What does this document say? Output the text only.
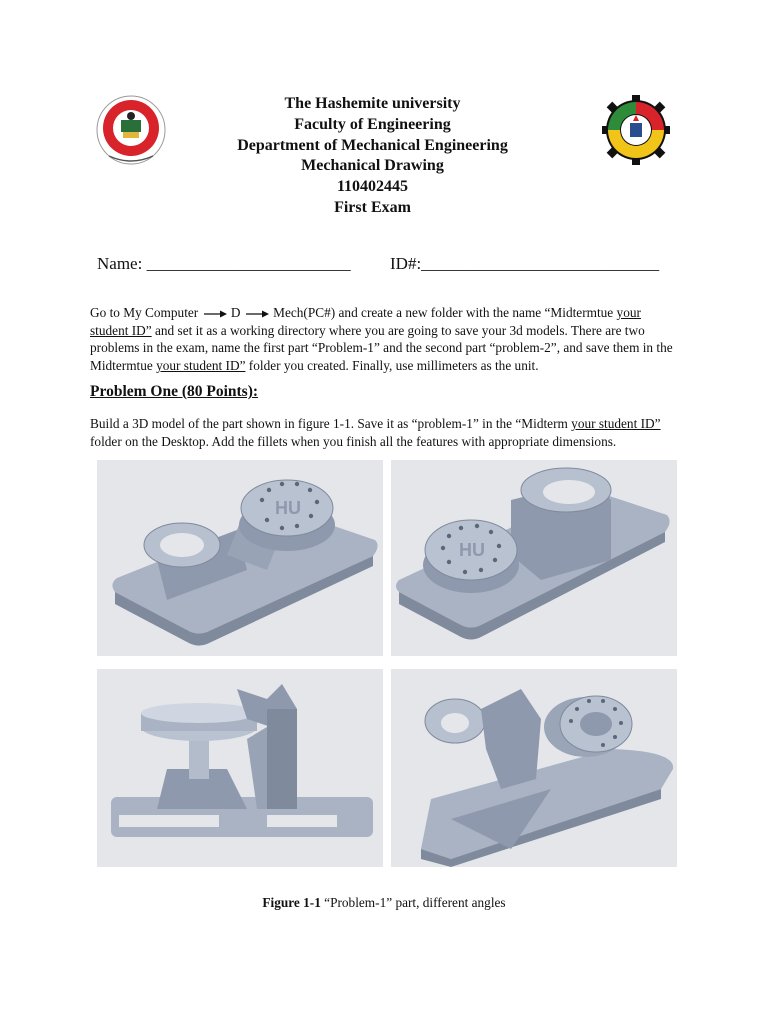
The Hashemite university
Faculty of Engineering
Department of Mechanical Engineering
Mechanical Drawing
110402445
First Exam
Name: ________________________ ID#:____________________________
Go to My Computer D Mech(PC#) and create a new folder with the name “Midtermtue your student ID” and set it as a working directory where you are going to save your 3d models. There are two problems in the exam, name the first part “Problem-1” and the second part “problem-2”, and save them in the Midtermtue your student ID” folder you created. Finally, use millimeters as the unit.
Problem One (80 Points):
Build a 3D model of the part shown in figure 1-1. Save it as “problem-1” in the “Midterm your student ID” folder on the Desktop. Add the fillets when you finish all the features with appropriate dimensions.
HU
HU
Figure 1-1 “Problem-1” part, different angles
